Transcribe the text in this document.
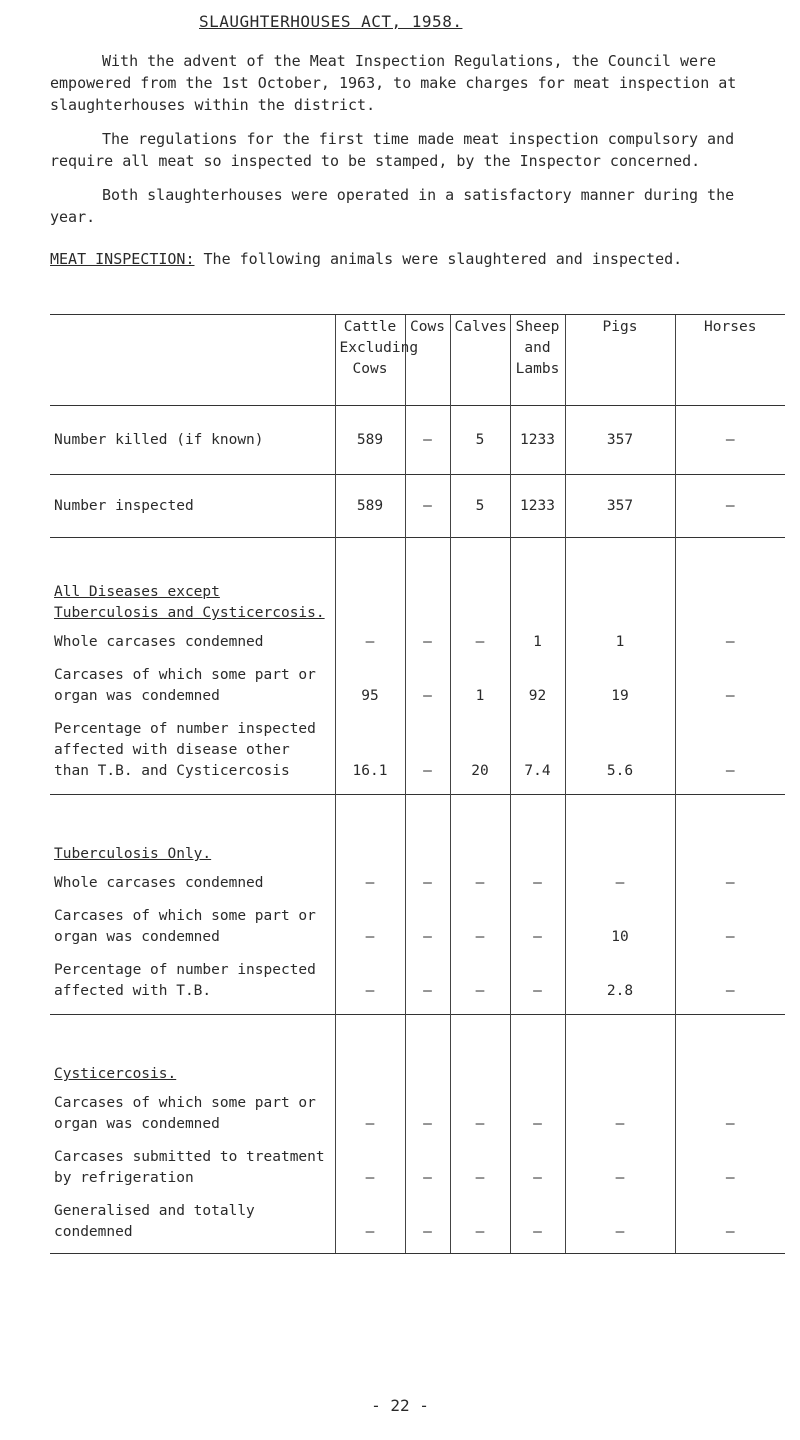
SLAUGHTERHOUSES ACT, 1958.

With the advent of the Meat Inspection Regulations, the Council were empowered from the 1st October, 1963, to make charges for meat inspection at slaughterhouses within the district.

The regulations for the first time made meat inspection compulsory and require all meat so inspected to be stamped, by the Inspector concerned.

Both slaughterhouses were operated in a satisfactory manner during the year.

MEAT INSPECTION: The following animals were slaughtered and inspected.
	Cattle Excluding Cows	Cows	Calves	Sheep and Lambs	Pigs	Horses
Number killed (if known)	589	–	5	1233	357	–
Number inspected	589	–	5	1233	357	–
All Diseases except Tuberculosis and Cysticercosis.						
Whole carcases condemned	–	–	–	1	1	–
Carcases of which some part or organ was condemned	95	–	1	92	19	–
Percentage of number inspected affected with disease other than T.B. and Cysticercosis	16.1	–	20	7.4	5.6	–
Tuberculosis Only.						
Whole carcases condemned	–	–	–	–	–	–
Carcases of which some part or organ was condemned	–	–	–	–	10	–
Percentage of number inspected affected with T.B.	–	–	–	–	2.8	–
Cysticercosis.						
Carcases of which some part or organ was condemned	–	–	–	–	–	–
Carcases submitted to treatment by refrigeration	–	–	–	–	–	–
Generalised and totally condemned	–	–	–	–	–	–
- 22 -
